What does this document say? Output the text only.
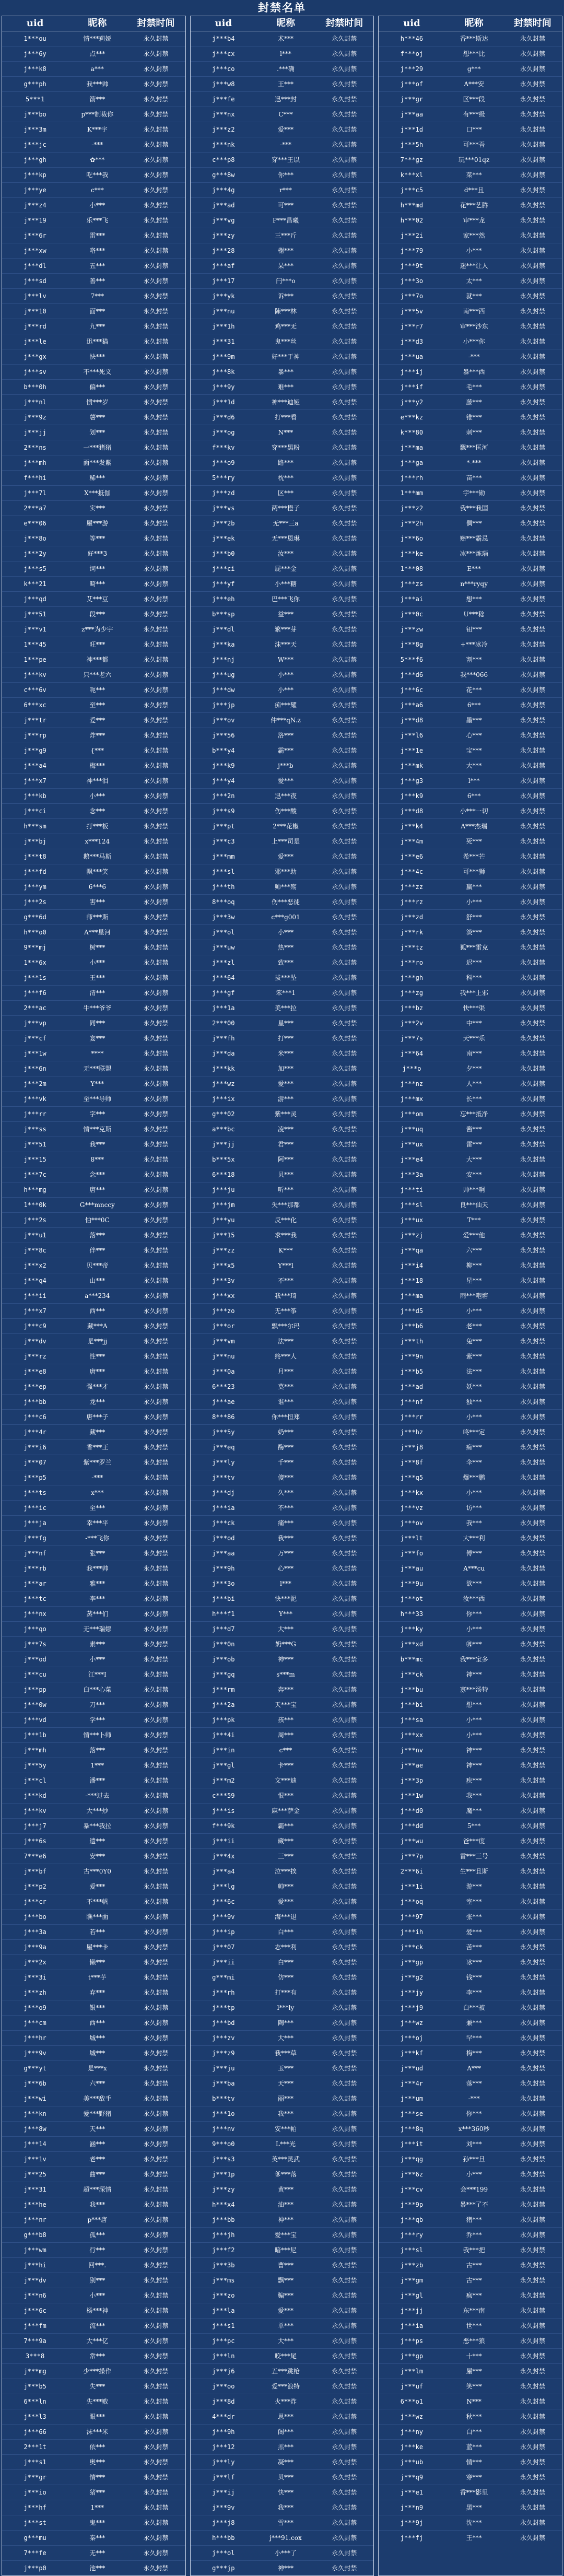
封禁名单
uid	昵称	封禁时间
1***ou	情***莉娅	永久封禁
j***6y	点***	永久封禁
j***k8	a***	永久封禁
g***ph	我***帅	永久封禁
5***1	箭***	永久封禁
j***bo	p***制裁你	永久封禁
j***3m	K***宇	永久封禁
j***jc	-***	永久封禁
j***gh	✿***	永久封禁
j***kp	吃***我	永久封禁
j***ye	c***	永久封禁
j***z4	小***	永久封禁
j***19	乐***飞	永久封禁
j***6r	雷***	永久封禁
j***xw	咯***	永久封禁
j***dl	五***	永久封禁
j***sd	善***	永久封禁
j***lv	7***	永久封禁
j***10	面***	永久封禁
j***rd	九***	永久封禁
j***le	迅***猫	永久封禁
j***gx	快***	永久封禁
j***sv	不***死义	永久封禁
b***0h	偏***	永久封禁
j***nl	惯***岁	永久封禁
j***9z	薯***	永久封禁
j***jj	划***	永久封禁
2***ns	一***猪猪	永久封禁
j***mh	面***发紫	永久封禁
f***hi	稀***	永久封禁
j***7l	X***抵伽	永久封禁
2***a7	实***	永久封禁
e***06	屋***游	永久封禁
j***8o	等***	永久封禁
j***2y	好***3	永久封禁
j***s5	词***	永久封禁
k***21	畸***	永久封禁
j***qd	艾***豆	永久封禁
j***51	段***	永久封禁
j***v1	z***为少宇	永久封禁
1***45	旺***	永久封禁
1***pe	神***都	永久封禁
j***kv	只***老六	永久封禁
c***6v	呃***	永久封禁
6***xc	至***	永久封禁
j***tr	爱***	永久封禁
j***rp	炸***	永久封禁
j***g9	{***	永久封禁
j***a4	梅***	永久封禁
j***x7	神***泪	永久封禁
j***kb	小***	永久封禁
j***ci	念***	永久封禁
h***sm	打***板	永久封禁
j***bj	x***124	永久封禁
j***t8	鹅***马斯	永久封禁
j***fd	飘***笑	永久封禁
j***ym	6***6	永久封禁
j***2s	害***	永久封禁
g***6d	师***斯	永久封禁
h***o0	A***星河	永久封禁
9***mj	树***	永久封禁
1***6x	小***	永久封禁
j***1s	王***	永久封禁
j***f6	清***	永久封禁
2***ac	牛***爷爷	永久封禁
j***vp	同***	永久封禁
j***cf	宴***	永久封禁
j***1w	****	永久封禁
j***6n	无***联盟	永久封禁
j***2m	Y***	永久封禁
j***vk	至***导师	永久封禁
j***rr	字***	永久封禁
j***ss	情***克斯	永久封禁
j***51	我***	永久封禁
j***15	8***	永久封禁
j***7c	念***	永久封禁
h***mg	唐***	永久封禁
1***0k	G***mnccy	永久封禁
j***2s	怕***0C	永久封禁
j***u1	落***	永久封禁
j***8c	伴***	永久封禁
j***x2	贝***帝	永久封禁
j***q4	山***	永久封禁
j***ii	a***234	永久封禁
j***x7	西***	永久封禁
j***c9	藏***A	永久封禁
j***dv	是***jj	永久封禁
j***rz	性***	永久封禁
j***e8	唐***	永久封禁
j***ep	强***才	永久封禁
j***bb	龙***	永久封禁
j***c6	唐***子	永久封禁
j***4r	藏***	永久封禁
j***i6	香***王	永久封禁
j***07	紫***罗兰	永久封禁
j***p5	-***	永久封禁
j***ts	x***	永久封禁
j***ic	至***	永久封禁
j***ja	幸***平	永久封禁
j***fg	-***飞你	永久封禁
j***nf	张***	永久封禁
j***rb	我***帅	永久封禁
j***ar	雅***	永久封禁
j***tc	李***	永久封禁
j***nx	蒸***们	永久封禁
j***qo	无***瑞娜	永久封禁
j***7s	素***	永久封禁
j***od	小***	永久封禁
j***cu	江***I	永久封禁
j***pp	白***心菜	永久封禁
j***0w	刀***	永久封禁
j***vd	学***	永久封禁
j***1b	情***卜师	永久封禁
j***mh	落***	永久封禁
j***5y	1***	永久封禁
j***cl	潘***	永久封禁
j***kd	-***过去	永久封禁
j***kv	大***炒	永久封禁
j***j7	暴***我拉	永久封禁
j***6s	遗***	永久封禁
7***e6	安***	永久封禁
j***bf	古***0Y0	永久封禁
j***p2	爱***	永久封禁
j***cr	不***帆	永久封禁
j***bo	瞧***面	永久封禁
j***3a	若***	永久封禁
j***9a	屋***卡	永久封禁
j***2x	懒***	永久封禁
j***3i	t***芋	永久封禁
j***zh	弃***	永久封禁
j***o9	银***	永久封禁
j***cm	西***	永久封禁
j***hr	城***	永久封禁
j***9v	城***	永久封禁
g***yt	是***x	永久封禁
j***6b	六***	永久封禁
j***wi	美***敌手	永久封禁
j***kn	爱***野猪	永久封禁
j***8w	天***	永久封禁
j***14	涵***	永久封禁
j***1v	老***	永久封禁
j***25	曲***	永久封禁
j***31	超***深情	永久封禁
j***he	我***	永久封禁
j***nr	p***唐	永久封禁
g***b8	孤***	永久封禁
j***wm	行***	永久封禁
j***hi	回***.	永久封禁
j***dv	别***	永久封禁
j***n6	小***	永久封禁
j***6c	杨***神	永久封禁
j***fm	流***	永久封禁
7***9a	大***亿	永久封禁
3***8	常***	永久封禁
j***mg	少***操作	永久封禁
j***b5	失***	永久封禁
6***ln	失***败	永久封禁
j***l3	眼***	永久封禁
j***66	沫***米	永久封禁
2***1t	依***	永久封禁
j***s1	奥***	永久封禁
j***gr	情***	永久封禁
j***io	猪***	永久封禁
j***hf	1***	永久封禁
j***st	鬼***	永久封禁
g***mu	秦***	永久封禁
7***fe	无***	永久封禁
j***p0	池***	永久封禁
uid	昵称	封禁时间
j***b4	术***	永久封禁
j***cx	l***	永久封禁
j***co	.***确	永久封禁
j***w8	王***	永久封禁
j***fe	迅***封	永久封禁
j***nx	C***	永久封禁
j***z2	爱***	永久封禁
j***nk	-***	永久封禁
c***p8	穿***王以	永久封禁
g***8w	你***	永久封禁
j***4g	r***	永久封禁
j***ad	可***	永久封禁
j***vg	P***昌曦	永久封禁
j***zy	三***斤	永久封禁
j***28	榭***	永久封禁
j***af	呆***	永久封禁
j***17	闩***o	永久封禁
j***yk	诉***	永久封禁
j***nu	陳***林	永久封禁
j***1h	鸡***无	永久封禁
j***31	鬼***丝	永久封禁
j***9m	好***于神	永久封禁
j***8k	暴***	永久封禁
j***9y	难***	永久封禁
j***1d	神***迪娅	永久封禁
j***d6	打***看	永久封禁
j***og	N***	永久封禁
f***kv	穿***黑粉	永久封禁
j***o9	路***	永久封禁
5***ry	枕***	永久封禁
j***zd	区***	永久封禁
j***vs	两***橙子	永久封禁
j***2b	无***三a	永久封禁
j***ek	无***恩琳	永久封禁
j***b0	汝***	永久封禁
j***ci	屁***金	永久封禁
j***yf	小***糖	永久封禁
j***eh	巴***飞你	永久封禁
b***sp	益***	永久封禁
j***dl	繁***芽	永久封禁
j***ka	沫***天	永久封禁
j***nj	W***	永久封禁
j***ug	小***	永久封禁
j***dw	小***	永久封禁
j***jp	痴***耀	永久封禁
j***ov	仲***qN.z	永久封禁
j***56	洛***	永久封禁
b***y4	霸***	永久封禁
j***k9	j***b	永久封禁
j***y4	爱***	永久封禁
j***2n	迅***夜	永久封禁
j***s9	伤***酸	永久封禁
j***pt	2***花椒	永久封禁
j***c3	上***司是	永久封禁
j***mm	爱***	永久封禁
j***sl	邪***助	永久封禁
j***th	帅***殇	永久封禁
8***oq	伤***恶徒	永久封禁
j***3w	c***g001	永久封禁
j***ol	小***	永久封禁
j***uw	热***	永久封禁
j***zl	致***	永久封禁
j***64	拔***坠	永久封禁
j***gf	笨***1	永久封禁
j***1a	美***拉	永久封禁
2***00	星***	永久封禁
j***fh	打***	永久封禁
j***da	米***	永久封禁
j***kk	加***	永久封禁
j***wz	爱***	永久封禁
j***ix	游***	永久封禁
g***02	紫***灵	永久封禁
a***bc	凌***	永久封禁
j***jj	君***	永久封禁
b***5x	阿***	永久封禁
6***18	贝***	永久封禁
j***ju	听***	永久封禁
j***jm	失***那都	永久封禁
j***yu	反***化	永久封禁
j***15	求***我	永久封禁
j***zz	K***	永久封禁
j***x5	Y***l	永久封禁
j***3v	不***	永久封禁
j***xx	我***琦	永久封禁
j***zo	无***筝	永久封禁
j***or	飘***尔玛	永久封禁
j***vm	法***	永久封禁
j***nu	终***人	永久封禁
j***0a	月***	永久封禁
6***23	莫***	永久封禁
j***ae	谁***	永久封禁
8***86	你***恒郑	永久封禁
j***5y	奶***	永久封禁
j***eq	酶***	永久封禁
j***ly	千***	永久封禁
j***tv	傻***	永久封禁
j***dj	久***	永久封禁
j***ia	不***	永久封禁
j***ck	痛***	永久封禁
j***od	我***	永久封禁
j***aa	万***	永久封禁
j***9h	心***	永久封禁
j***3o	l***	永久封禁
j***bi	快***泥	永久封禁
h***f1	Y***	永久封禁
j***d7	大***	永久封禁
j***0n	奶***G	永久封禁
j***ob	神***	永久封禁
j***gq	s***m	永久封禁
j***rm	奔***	永久封禁
j***2a	天***宝	永久封禁
j***pk	孩***	永久封禁
j***4i	周***	永久封禁
j***in	c***	永久封禁
j***gl	卡***	永久封禁
j***m2	文***迪	永久封禁
c***59	恨***	永久封禁
j***is	麻***萨金	永久封禁
f***9k	霸***	永久封禁
j***ii	藏***	永久封禁
j***4x	三***	永久封禁
j***a4	泣***挨	永久封禁
j***lg	帅***	永久封禁
j***6c	爱***	永久封禁
j***9v	海***退	永久封禁
j***ip	白***	永久封禁
j***07	志***利	永久封禁
j***ii	白***	永久封禁
g***mi	仿***	永久封禁
j***rh	打***有	永久封禁
j***tp	l***ly	永久封禁
j***bd	陶***	永久封禁
j***zv	大***	永久封禁
j***z9	我***草	永久封禁
j***ju	玉***	永久封禁
j***ba	天***	永久封禁
b***tv	丽***	永久封禁
j***1o	我***	永久封禁
j***nv	安***帕	永久封禁
9***o0	L***光	永久封禁
j***s3	英***灵武	永久封禁
j***1p	爹***落	永久封禁
j***zy	黄***	永久封禁
h***x4	油***	永久封禁
j***bb	神***	永久封禁
j***jh	爱***宝	永久封禁
j***f2	暗***尼	永久封禁
j***3b	曹***	永久封禁
j***ms	飘***	永久封禁
j***zo	骗***	永久封禁
j***la	爱***	永久封禁
j***s1	单***	永久封禁
j***pc	大***	永久封禁
j***ln	咬***尾	永久封禁
j***j6	五***跳枪	永久封禁
j***oo	爱***浪特	永久封禁
j***8d	火***炸	永久封禁
4***dr	思***	永久封禁
j***9h	阁***	永久封禁
j***12	羔***	永久封禁
j***ly	凝***	永久封禁
j***lf	贝***	永久封禁
j***ij	快***	永久封禁
j***9v	我***	永久封禁
j***j8	雪***	永久封禁
h***bb	j***91.cox	永久封禁
j***ol	小***了	永久封禁
g***jp	神***	永久封禁
uid	昵称	封禁时间
h***46	香***斯达	永久封禁
f***oj	想***比	永久封禁
j***29	g***	永久封禁
j***of	A***安	永久封禁
j***gr	区***段	永久封禁
j***aa	有***级	永久封禁
j***1d	口***	永久封禁
j***5h	可***吾	永久封禁
7***gz	玩***01qz	永久封禁
k***xl	菜***	永久封禁
j***c5	d***且	永久封禁
h***md	花***艺腾	永久封禁
h***02	审***龙	永久封禁
j***2i	家***然	永久封禁
j***79	小***	永久封禁
j***9t	迷***让人	永久封禁
j***3o	太***	永久封禁
j***7o	就***	永久封禁
j***5v	南***西	永久封禁
j***r7	审***沙东	永久封禁
j***d3	小***你	永久封禁
j***ua	-***	永久封禁
j***ij	暴***西	永久封禁
j***if	毛***	永久封禁
j***y2	藤***	永久封禁
e***kz	锥***	永久封禁
k***80	刺***	永久封禁
j***ma	飘***匡河	永久封禁
j***ga	*-***	永久封禁
j***rh	苗***	永久封禁
1***mm	宇***勋	永久封禁
j***z2	我***我国	永久封禁
j***2h	偶***	永久封禁
j***6o	赔***霸忌	永久封禁
j***ke	冰***炼瑙	永久封禁
1***08	E***	永久封禁
j***zs	n***ryqy	永久封禁
j***ai	想***	永久封禁
j***0c	U***稔	永久封禁
j***zw	钮***	永久封禁
j***8g	+***冰冷	永久封禁
5***f6	割***	永久封禁
j***d6	我***066	永久封禁
j***6c	花***	永久封禁
j***a6	6***	永久封禁
j***d8	墨***	永久封禁
j***l6	心***	永久封禁
j***1e	宝***	永久封禁
j***mk	大***	永久封禁
j***g3	l***	永久封禁
j***k9	6***	永久封禁
j***d8	小***一切	永久封禁
j***k4	A***杰瑞	永久封禁
j***4m	死***	永久封禁
j***e6	希***芒	永久封禁
j***4c	可***狮	永久封禁
j***zz	赢***	永久封禁
j***rz	小***	永久封禁
j***zd	舒***	永久封禁
j***rk	淡***	永久封禁
j***tz	狐***雷克	永久封禁
j***ro	迟***	永久封禁
j***gh	科***	永久封禁
j***zg	我***上邪	永久封禁
j***bz	快***渠	永久封禁
j***2v	中***	永久封禁
j***7s	天***乐	永久封禁
j***64	南***	永久封禁
j***o	夕***	永久封禁
j***nz	人***	永久封禁
j***mx	长***	永久封禁
j***om	忘***抵净	永久封禁
j***uq	酱***	永久封禁
j***ux	雷***	永久封禁
j***e4	大***	永久封禁
j***3a	安***	永久封禁
j***ti	帅***啊	永久封禁
j***sl	良***仙天	永久封禁
j***ux	T***	永久封禁
j***zj	爱***他	永久封禁
j***qa	六***	永久封禁
j***i4	柳***	永久封禁
j***18	星***	永久封禁
j***ma	雨***咆塘	永久封禁
j***d5	小***	永久封禁
j***b6	老***	永久封禁
j***th	兔***	永久封禁
j***9n	紫***	永久封禁
j***b5	法***	永久封禁
j***ad	妖***	永久封禁
j***nf	独***	永久封禁
j***rr	小***	永久封禁
j***hz	咚***定	永久封禁
j***j8	痴***	永久封禁
j***8f	伞***	永久封禁
j***q5	爆***鹏	永久封禁
j***kx	小***	永久封禁
j***vz	访***	永久封禁
j***ov	我***	永久封禁
j***lt	大***利	永久封禁
j***fo	傅***	永久封禁
j***au	A***cu	永久封禁
j***9u	欲***	永久封禁
j***ot	汝***西	永久封禁
h***33	你***	永久封禁
j***ky	小***	永久封禁
j***xd	㊗***	永久封禁
b***mc	我***宝多	永久封禁
j***ck	神***	永久封禁
j***bu	寡***汤特	永久封禁
j***bi	想***	永久封禁
j***sa	小***	永久封禁
j***xx	小***	永久封禁
j***nv	神***	永久封禁
j***ae	神***	永久封禁
j***3p	疾***	永久封禁
j***1w	我***	永久封禁
j***d0	魔***	永久封禁
j***dd	5***	永久封禁
j***wu	爸***度	永久封禁
j***7p	雷***三号	永久封禁
2***6i	生***且斯	永久封禁
j***1i	游***	永久封禁
j***oq	室***	永久封禁
j***97	张***	永久封禁
j***ih	爱***	永久封禁
j***ck	苦***	永久封禁
j***gp	冰***	永久封禁
j***g2	钱***	永久封禁
j***jy	李***	永久封禁
j***j9	白***被	永久封禁
j***wz	兼***	永久封禁
j***oj	罕***	永久封禁
j***kf	梅***	永久封禁
j***ud	A***	永久封禁
j***4r	落***	永久封禁
j***um	-***	永久封禁
j***se	你***	永久封禁
j***8q	x***360秒	永久封禁
j***it	刘***	永久封禁
j***qg	孙***旦	永久封禁
j***6z	小***	永久封禁
j***cv	会***199	永久封禁
j***9p	暴***了不	永久封禁
j***qb	猪***	永久封禁
j***ry	乔***	永久封禁
j***sl	我***把	永久封禁
j***zb	古***	永久封禁
j***gm	古***	永久封禁
j***gl	疯***	永久封禁
j***jj	东***南	永久封禁
j***ia	世***	永久封禁
j***ps	恶***狼	永久封禁
j***gp	十***	永久封禁
j***lm	屋***	永久封禁
j***uf	笑***	永久封禁
6***o1	N***	永久封禁
j***wz	秋***	永久封禁
j***ny	白***	永久封禁
j***ke	蓝***	永久封禁
j***ub	情***	永久封禁
j***q9	穿***	永久封禁
j***e1	香***影里	永久封禁
j***n9	黑***	永久封禁
j***9j	沈***	永久封禁
j***fj	王***	永久封禁
